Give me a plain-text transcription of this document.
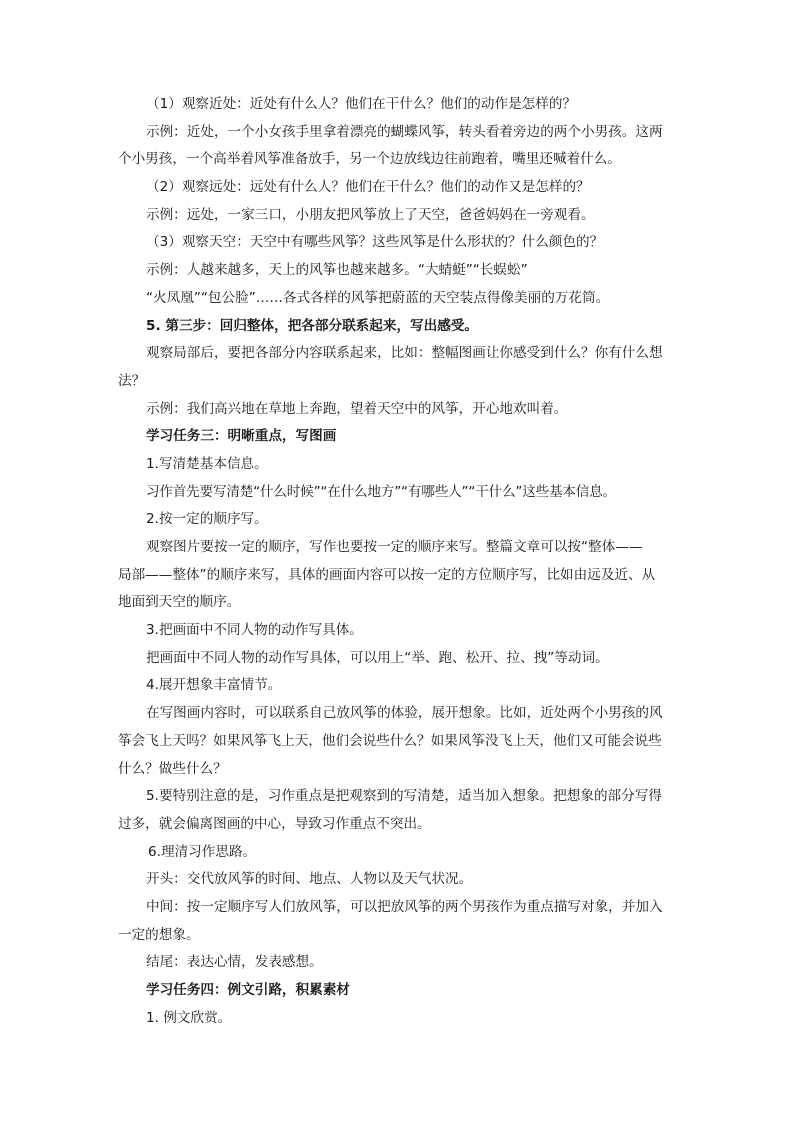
（1）观察近处：近处有什么人？他们在干什么？他们的动作是怎样的？
示例：近处，一个小女孩手里拿着漂亮的蝴蝶风筝，转头看着旁边的两个小男孩。这两
个小男孩，一个高举着风筝准备放手，另一个边放线边往前跑着，嘴里还喊着什么。
（2）观察远处：远处有什么人？他们在干什么？他们的动作又是怎样的？
示例：远处，一家三口，小朋友把风筝放上了天空，爸爸妈妈在一旁观看。
（3）观察天空：天空中有哪些风筝？这些风筝是什么形状的？什么颜色的？
示例：人越来越多，天上的风筝也越来越多。“大蜻蜓”“长蜈蚣”
“火凤凰”“包公脸”……各式各样的风筝把蔚蓝的天空装点得像美丽的万花筒。
5. 第三步：回归整体，把各部分联系起来，写出感受。
观察局部后，要把各部分内容联系起来，比如：整幅图画让你感受到什么？你有什么想
法？
示例：我们高兴地在草地上奔跑，望着天空中的风筝，开心地欢叫着。
学习任务三：明晰重点，写图画
1.写清楚基本信息。
习作首先要写清楚“什么时候”“在什么地方”“有哪些人”“干什么”这些基本信息。
2.按一定的顺序写。
观察图片要按一定的顺序，写作也要按一定的顺序来写。整篇文章可以按“整体——
局部——整体”的顺序来写，具体的画面内容可以按一定的方位顺序写，比如由远及近、从
地面到天空的顺序。
3.把画面中不同人物的动作写具体。
把画面中不同人物的动作写具体，可以用上“举、跑、松开、拉、拽”等动词。
4.展开想象丰富情节。
在写图画内容时，可以联系自己放风筝的体验，展开想象。比如，近处两个小男孩的风
筝会飞上天吗？如果风筝飞上天，他们会说些什么？如果风筝没飞上天，他们又可能会说些
什么？做些什么？
5.要特别注意的是，习作重点是把观察到的写清楚，适当加入想象。把想象的部分写得
过多，就会偏离图画的中心，导致习作重点不突出。
6.理清习作思路。
开头：交代放风筝的时间、地点、人物以及天气状况。
中间：按一定顺序写人们放风筝，可以把放风筝的两个男孩作为重点描写对象，并加入
一定的想象。
结尾：表达心情，发表感想。
学习任务四：例文引路，积累素材
1. 例文欣赏。
